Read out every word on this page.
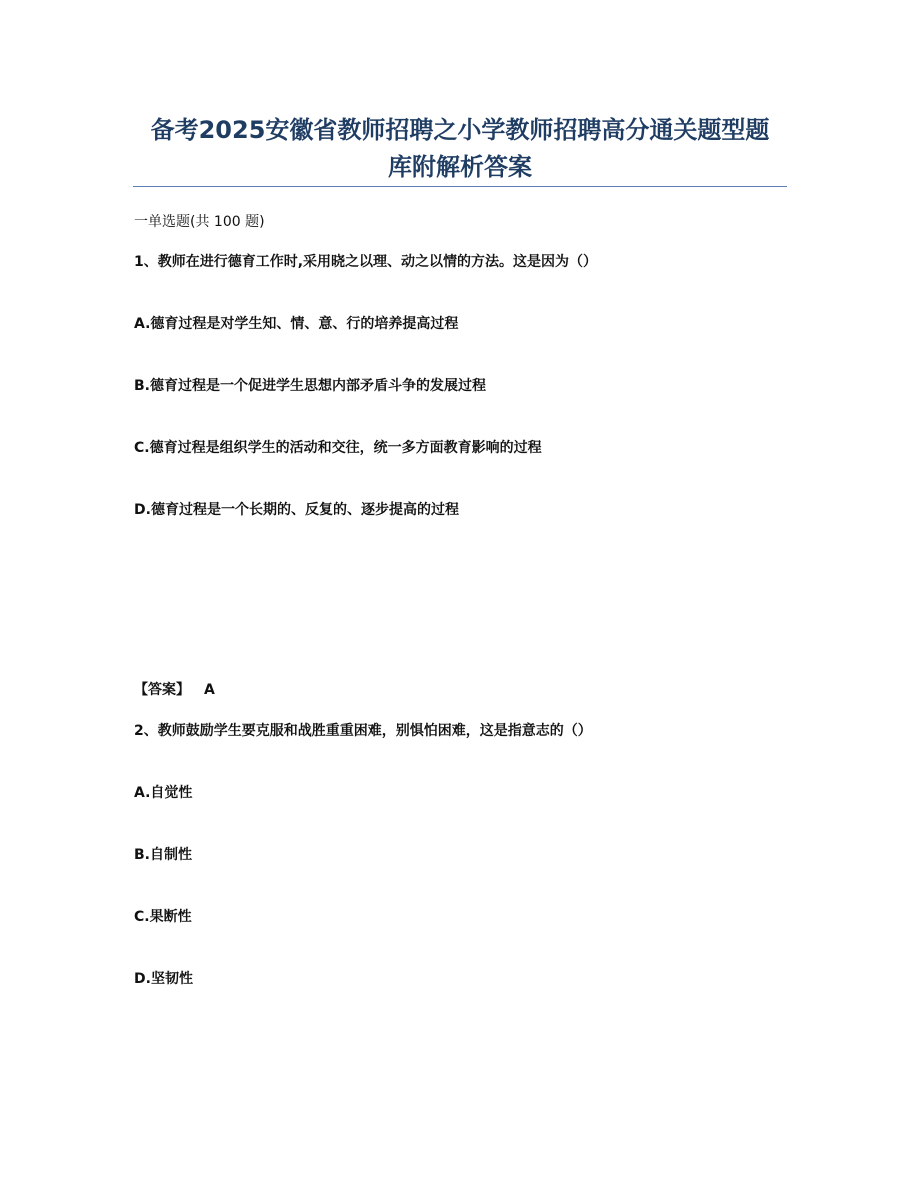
备考2025安徽省教师招聘之小学教师招聘高分通关题型题
库附解析答案
一单选题(共 100 题)
1、教师在进行德育工作时,采用晓之以理、动之以情的方法。这是因为（）
A.德育过程是对学生知、情、意、行的培养提高过程
B.德育过程是一个促进学生思想内部矛盾斗争的发展过程
C.德育过程是组织学生的活动和交往，统一多方面教育影响的过程
D.德育过程是一个长期的、反复的、逐步提高的过程
【答案】 A
2、教师鼓励学生要克服和战胜重重困难，别惧怕困难，这是指意志的（）
A.自觉性
B.自制性
C.果断性
D.坚韧性
